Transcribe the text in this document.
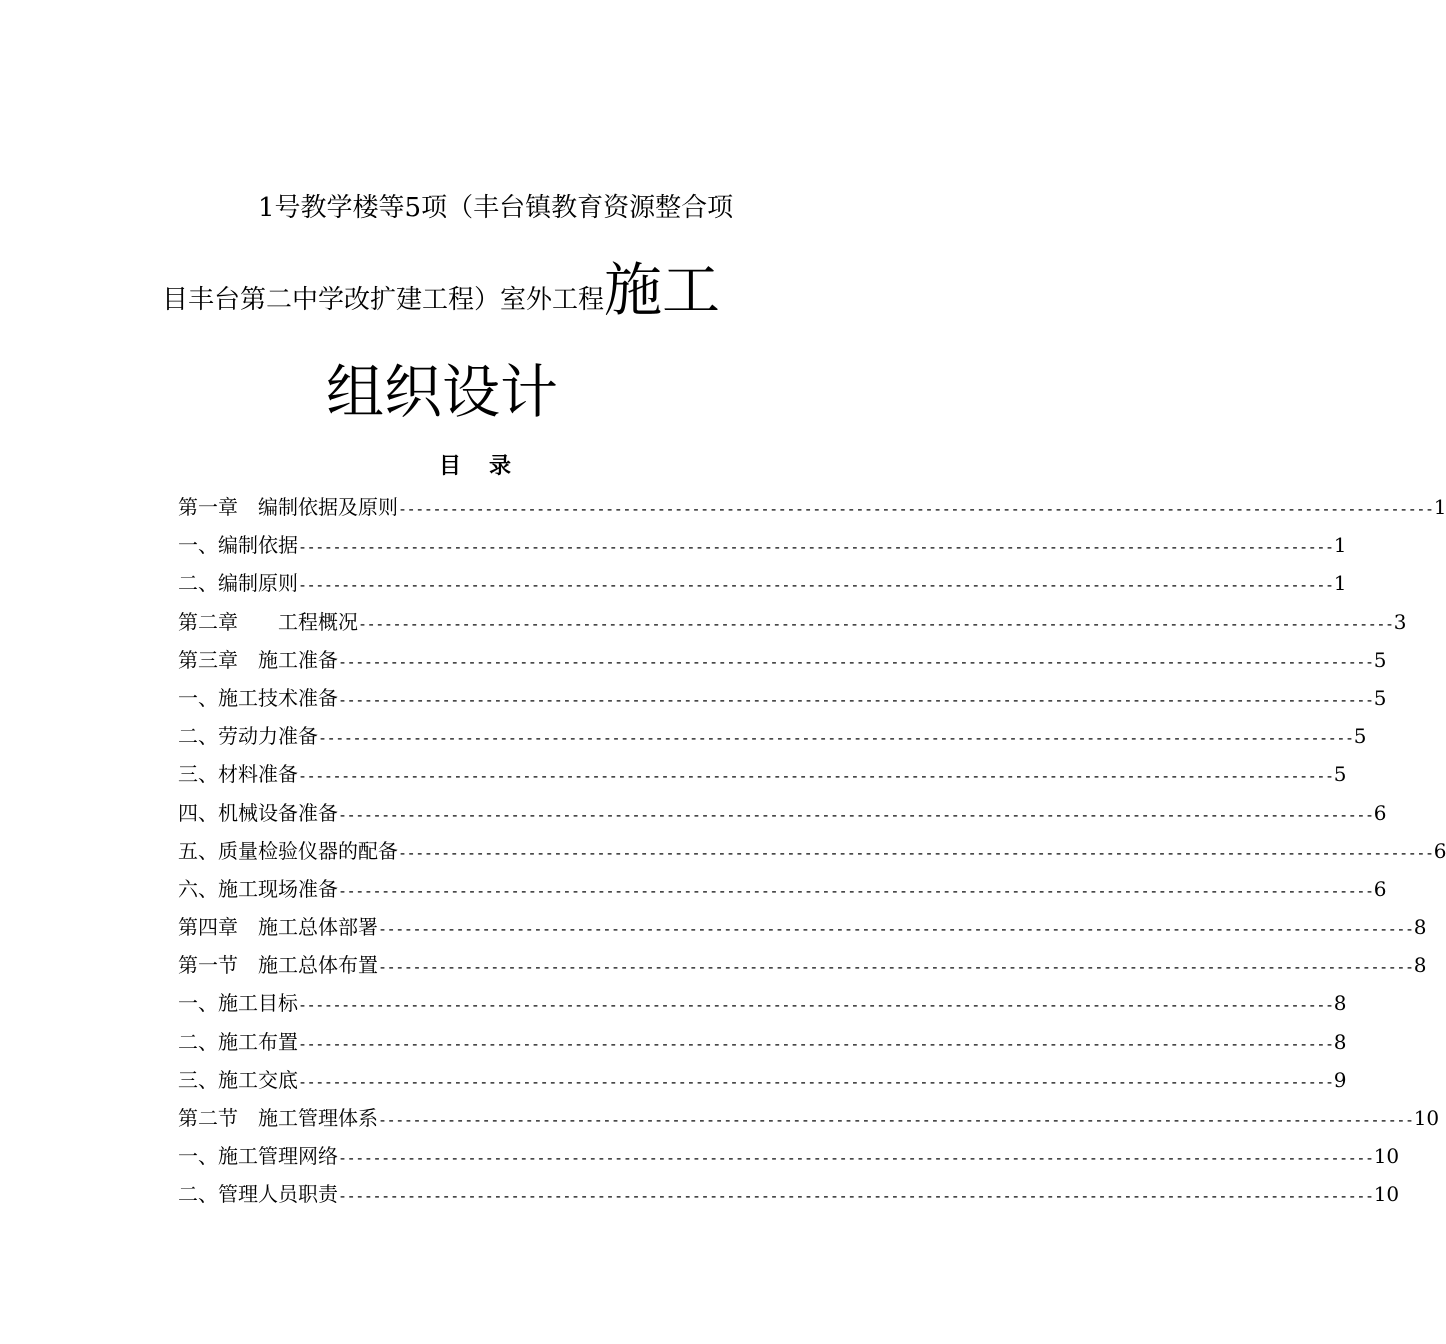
1号教学楼等5项（丰台镇教育资源整合项
目丰台第二中学改扩建工程）室外工程 施工
组织设计
目录
第一章　编制依据及原则 ------------------------------------------------------------------------------------------------------------------------ 1
一、编制依据 ------------------------------------------------------------------------------------------------------------------------ 1
二、编制原则 ------------------------------------------------------------------------------------------------------------------------ 1
第二章　　工程概况 ------------------------------------------------------------------------------------------------------------------------ 3
第三章　施工准备 ------------------------------------------------------------------------------------------------------------------------ 5
一、施工技术准备 ------------------------------------------------------------------------------------------------------------------------ 5
二、劳动力准备 ------------------------------------------------------------------------------------------------------------------------ 5
三、材料准备 ------------------------------------------------------------------------------------------------------------------------ 5
四、机械设备准备 ------------------------------------------------------------------------------------------------------------------------ 6
五、质量检验仪器的配备 ------------------------------------------------------------------------------------------------------------------------ 6
六、施工现场准备 ------------------------------------------------------------------------------------------------------------------------ 6
第四章　施工总体部署 ------------------------------------------------------------------------------------------------------------------------ 8
第一节　施工总体布置 ------------------------------------------------------------------------------------------------------------------------ 8
一、施工目标 ------------------------------------------------------------------------------------------------------------------------ 8
二、施工布置 ------------------------------------------------------------------------------------------------------------------------ 8
三、施工交底 ------------------------------------------------------------------------------------------------------------------------ 9
第二节　施工管理体系 ------------------------------------------------------------------------------------------------------------------------ 10
一、施工管理网络 ------------------------------------------------------------------------------------------------------------------------ 10
二、管理人员职责 ------------------------------------------------------------------------------------------------------------------------ 10
